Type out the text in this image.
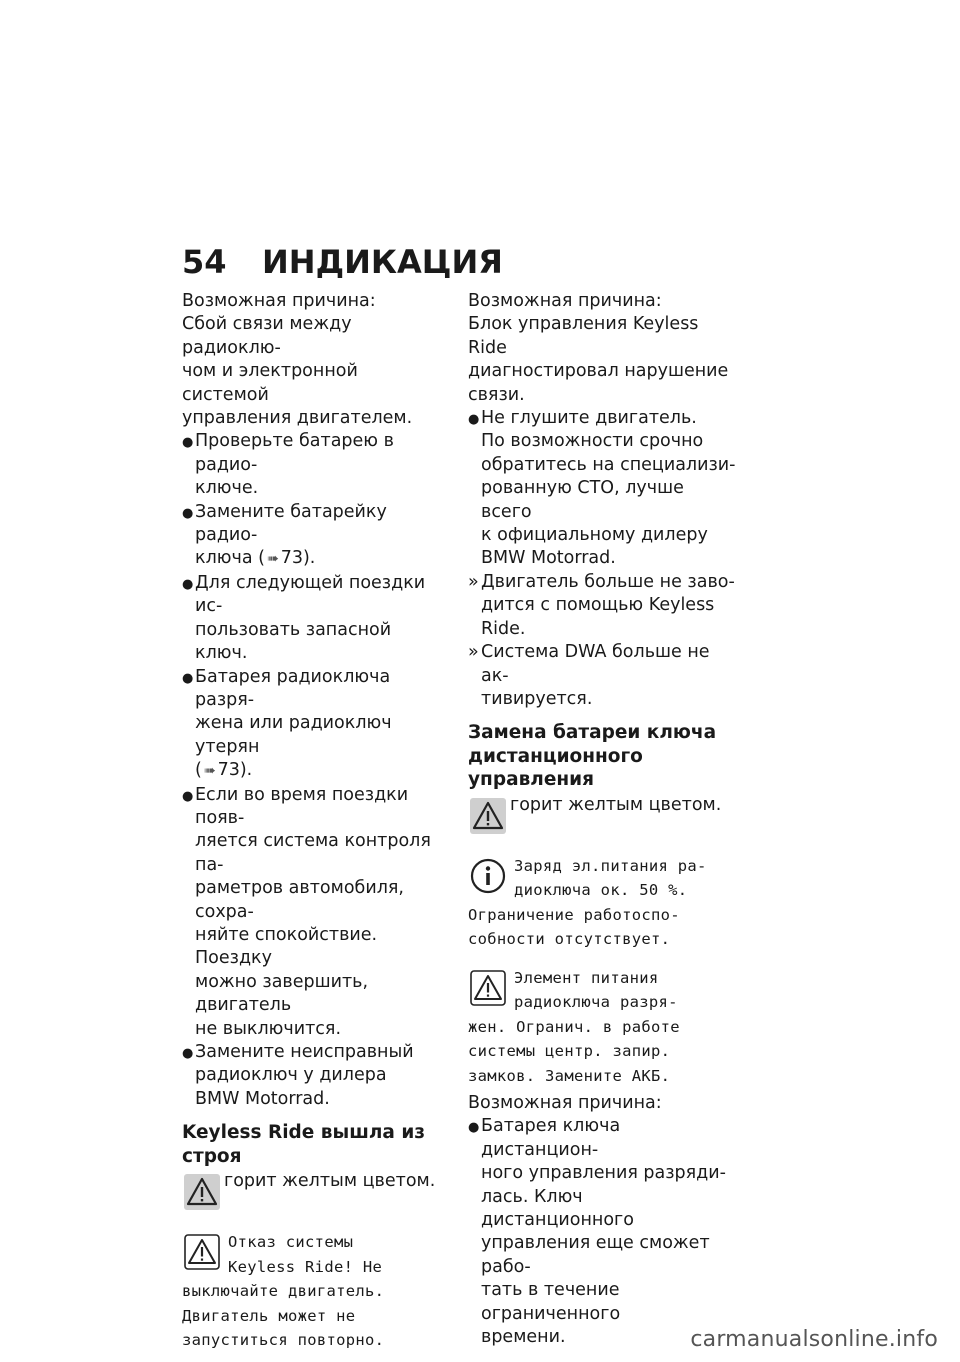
54 ИНДИКАЦИЯ

Возможная причина:

Сбой связи между радиоклю-
чом и электронной системой
управления двигателем.

● Проверьте батарею в радио-
ключе.

● Замените батарейку радио-
ключа ( ➠ 73).

● Для следующей поездки ис-
пользовать запасной ключ.

● Батарея радиоключа разря-
жена или радиоключ утерян
( ➠ 73).

● Если во время поездки появ-
ляется система контроля па-
раметров автомобиля, сохра-
няйте спокойствие. Поездку
можно завершить, двигатель
не выключится.

● Замените неисправный
радиоключ у дилера
BMW Motorrad.

Keyless Ride вышла из
строя

горит желтым цветом.
Отказ системы
Keyless Ride! Не
выключайте двигатель.
Двигатель может не
запуститься повторно.

Возможная причина:

Блок управления Keyless Ride
диагностировал нарушение
связи.

● Не глушите двигатель.
По возможности срочно
обратитесь на специализи-
рованную СТО, лучше всего
к официальному дилеру
BMW Motorrad.

» Двигатель больше не заво-
дится с помощью Keyless
Ride.

» Система DWA больше не ак-
тивируется.

Замена батареи ключа
дистанционного управления

горит желтым цветом.
Заряд эл.питания ра-
диоключа ок. 50 %.
Ограничение работоспо-
собности отсутствует.
Элемент питания
радиоключа разря-
жен. Огранич. в работе
системы центр. запир.
замков. Замените АКБ.

Возможная причина:

● Батарея ключа дистанцион-
ного управления разряди-
лась. Ключ дистанционного
управления еще сможет рабо-
тать в течение ограниченного
времени.	carmanualsonline.info
